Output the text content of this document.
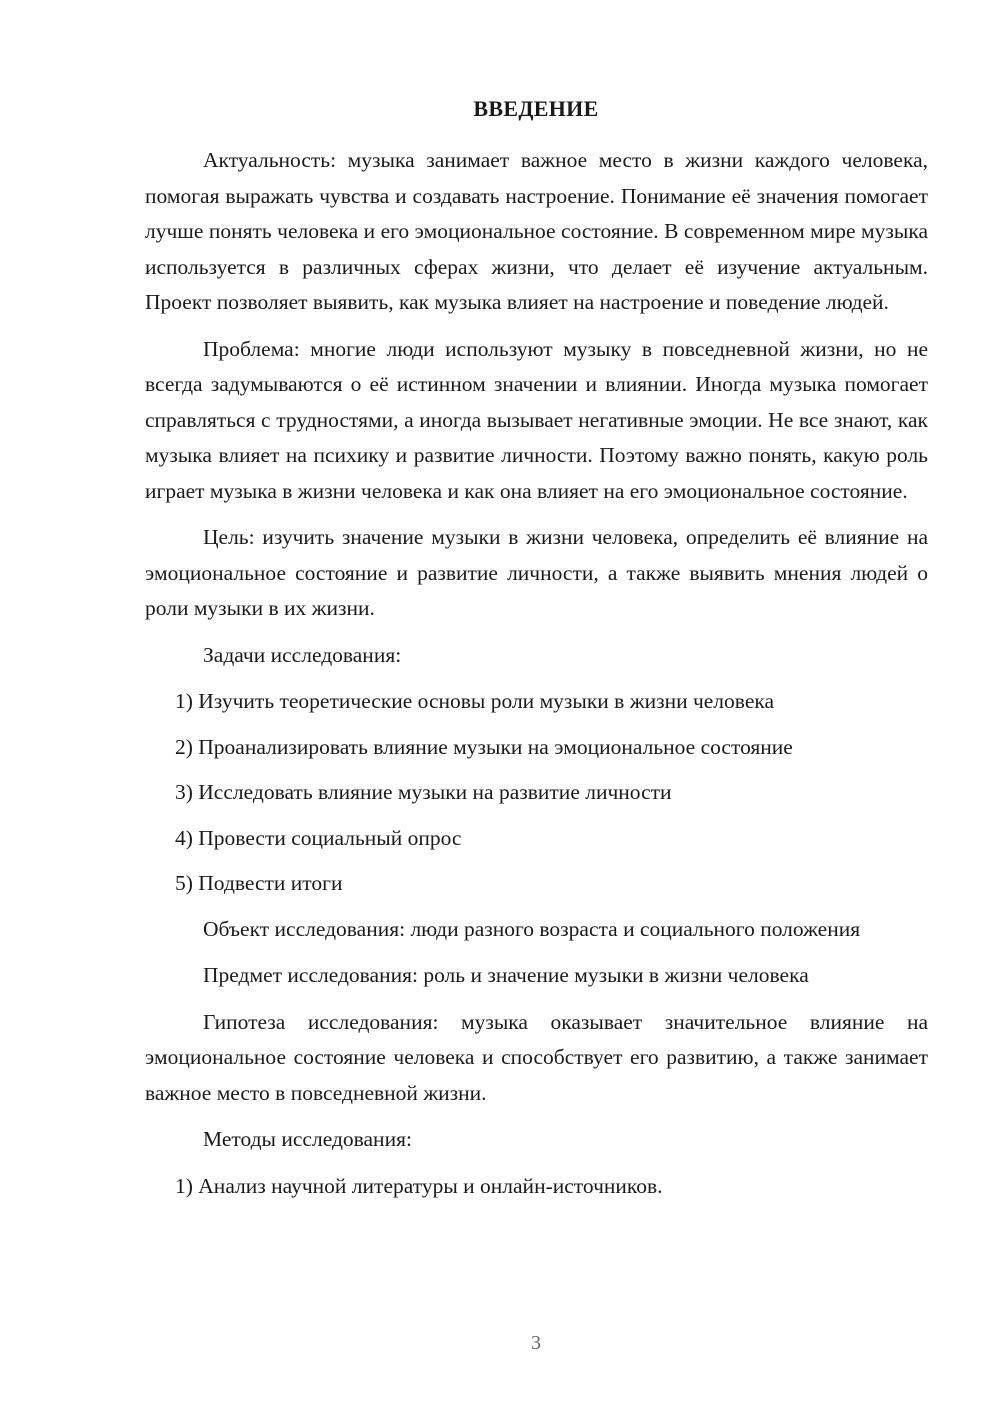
ВВЕДЕНИЕ

Актуальность: музыка занимает важное место в жизни каждого человека, помогая выражать чувства и создавать настроение. Понимание её значения помогает лучше понять человека и его эмоциональное состояние. В современном мире музыка используется в различных сферах жизни, что делает её изучение актуальным. Проект позволяет выявить, как музыка влияет на настроение и поведение людей.

Проблема: многие люди используют музыку в повседневной жизни, но не всегда задумываются о её истинном значении и влиянии. Иногда музыка помогает справляться с трудностями, а иногда вызывает негативные эмоции. Не все знают, как музыка влияет на психику и развитие личности. Поэтому важно понять, какую роль играет музыка в жизни человека и как она влияет на его эмоциональное состояние.

Цель: изучить значение музыки в жизни человека, определить её влияние на эмоциональное состояние и развитие личности, а также выявить мнения людей о роли музыки в их жизни.

Задачи исследования:

1) Изучить теоретические основы роли музыки в жизни человека
2) Проанализировать влияние музыки на эмоциональное состояние
3) Исследовать влияние музыки на развитие личности
4) Провести социальный опрос
5) Подвести итоги

Объект исследования: люди разного возраста и социального положения

Предмет исследования: роль и значение музыки в жизни человека

Гипотеза исследования: музыка оказывает значительное влияние на эмоциональное состояние человека и способствует его развитию, а также занимает важное место в повседневной жизни.

Методы исследования:

1) Анализ научной литературы и онлайн-источников.
3
